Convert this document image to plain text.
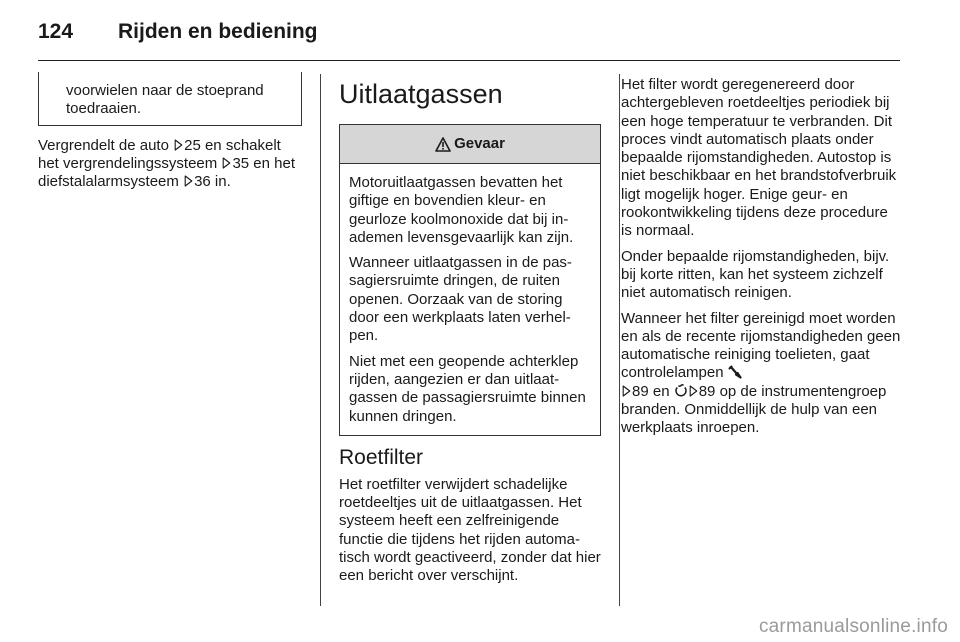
124 Rijden en bediening

voorwielen naar de stoeprand toedraaien.

Vergrendelt de auto 25 en schakelt het vergrendelingssysteem 35 en het diefstalalarmsysteem 36 in.

Uitlaatgassen
Gevaar

Motoruitlaatgassen bevatten het giftige en bovendien kleur- en geurloze koolmonoxide dat bij inademen levensgevaarlijk kan zijn.

Wanneer uitlaatgassen in de passagiersruimte dringen, de ruiten openen. Oorzaak van de storing door een werkplaats laten verhelpen.

Niet met een geopende achterklep rijden, aangezien er dan uitlaatgassen de passagiersruimte binnen kunnen dringen.

Roetfilter

Het roetfilter verwijdert schadelijke roetdeeltjes uit de uitlaatgassen. Het systeem heeft een zelfreinigende functie die tijdens het rijden automatisch wordt geactiveerd, zonder dat hier een bericht over verschijnt.

Het filter wordt geregenereerd door achtergebleven roetdeeltjes periodiek bij een hoge temperatuur te verbranden. Dit proces vindt automatisch plaats onder bepaalde rijomstandigheden. Autostop is niet beschikbaar en het brandstofverbruik ligt mogelijk hoger. Enige geur- en rookontwikkeling tijdens deze procedure is normaal.

Onder bepaalde rijomstandigheden, bijv. bij korte ritten, kan het systeem zichzelf niet automatisch reinigen.

Wanneer het filter gereinigd moet worden en als de recente rijomstandigheden geen automatische reiniging toelieten, gaat controlelampen
89 en 89 op de instrumentengroep branden. Onmiddellijk de hulp van een werkplaats inroepen.

carmanualsonline.info
